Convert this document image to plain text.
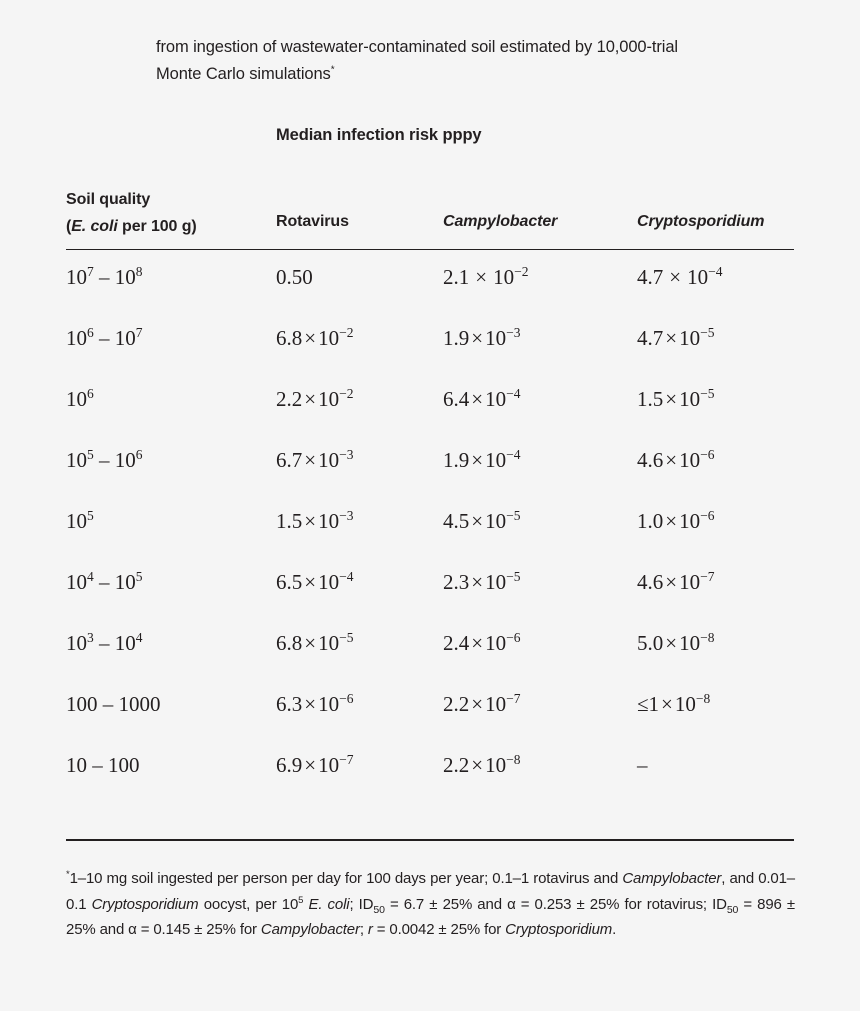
from ingestion of wastewater-contaminated soil estimated by 10,000-trial
Monte Carlo simulations*
Median infection risk pppy
Soil quality
(E. coli per 100 g)	Rotavirus	Campylobacter	Cryptosporidium
$10^7 - 10^8$	0.50	$2.1 \times 10^{-2}$	$4.7 \times 10^{-4}$
$10^6 - 10^7$	$6.8\times 10^{-2}$	$1.9\times 10^{-3}$	$4.7\times 10^{-5}$
$10^6$	$2.2\times 10^{-2}$	$6.4\times 10^{-4}$	$1.5\times 10^{-5}$
$10^5 - 10^6$	$6.7\times 10^{-3}$	$1.9\times 10^{-4}$	$4.6\times 10^{-6}$
$10^5$	$1.5\times 10^{-3}$	$4.5\times 10^{-5}$	$1.0\times 10^{-6}$
$10^4 - 10^5$	$6.5\times 10^{-4}$	$2.3\times 10^{-5}$	$4.6\times 10^{-7}$
$10^3 - 10^4$	$6.8\times 10^{-5}$	$2.4\times 10^{-6}$	$5.0\times 10^{-8}$
100 – 1000	$6.3\times 10^{-6}$	$2.2\times 10^{-7}$	$\le 1\times 10^{-8}$
10 – 100	$6.9\times 10^{-7}$	$2.2\times 10^{-8}$	–
*1–10 mg soil ingested per person per day for 100 days per year; 0.1–1 rotavirus and Campylobacter, and 0.01–0.1 Cryptosporidium oocyst, per $10^5$ E. coli; $ID_{50} = 6.7 \pm 25\%$ and α = 0.253 ± 25% for rotavirus; $ID_{50} = 896 \pm 25\%$ and α = 0.145 ± 25% for Campylobacter; r = 0.0042 ± 25% for Cryptosporidium.
